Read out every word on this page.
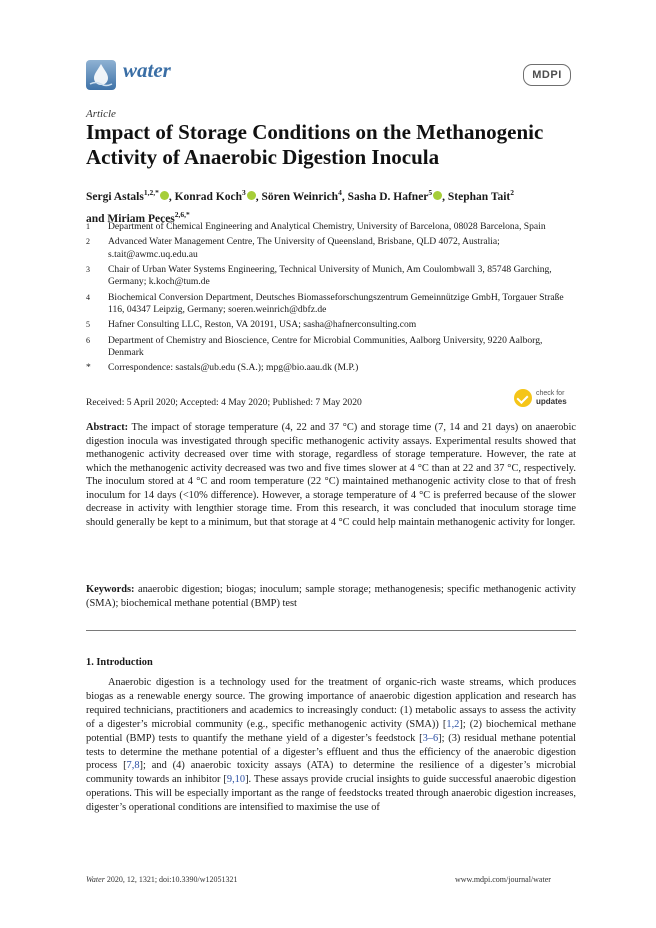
water	MDPI
Article
Impact of Storage Conditions on the Methanogenic Activity of Anaerobic Digestion Inocula
Sergi Astals$^{1,2,*}$ , Konrad Koch$^3$ , Sören Weinrich$^4$, Sasha D. Hafner$^5$ , Stephan Tait$^2$
and Miriam Peces$^{2,6,*}$
1	Department of Chemical Engineering and Analytical Chemistry, University of Barcelona, 08028 Barcelona, Spain
2	Advanced Water Management Centre, The University of Queensland, Brisbane, QLD 4072, Australia; s.tait@awmc.uq.edu.au
3	Chair of Urban Water Systems Engineering, Technical University of Munich, Am Coulombwall 3, 85748 Garching, Germany; k.koch@tum.de
4	Biochemical Conversion Department, Deutsches Biomasseforschungszentrum Gemeinnützige GmbH, Torgauer Straße 116, 04347 Leipzig, Germany; soeren.weinrich@dbfz.de
5	Hafner Consulting LLC, Reston, VA 20191, USA; sasha@hafnerconsulting.com
6	Department of Chemistry and Bioscience, Centre for Microbial Communities, Aalborg University, 9220 Aalborg, Denmark
*	Correspondence: sastals@ub.edu (S.A.); mpg@bio.aau.dk (M.P.)
Received: 5 April 2020; Accepted: 4 May 2020; Published: 7 May 2020
check for
updates
Abstract: The impact of storage temperature (4, 22 and 37 °C) and storage time (7, 14 and 21 days) on anaerobic digestion inocula was investigated through specific methanogenic activity assays. Experimental results showed that methanogenic activity decreased over time with storage, regardless of storage temperature. However, the rate at which the methanogenic activity decreased was two and five times slower at 4 °C than at 22 and 37 °C, respectively. The inoculum stored at 4 °C and room temperature (22 °C) maintained methanogenic activity close to that of fresh inoculum for 14 days (<10% difference). However, a storage temperature of 4 °C is preferred because of the slower decrease in activity with lengthier storage time. From this research, it was concluded that inoculum storage time should generally be kept to a minimum, but that storage at 4 °C could help maintain methanogenic activity for longer.
Keywords: anaerobic digestion; biogas; inoculum; sample storage; methanogenesis; specific methanogenic activity (SMA); biochemical methane potential (BMP) test
1. Introduction
Anaerobic digestion is a technology used for the treatment of organic-rich waste streams, which produces biogas as a renewable energy source. The growing importance of anaerobic digestion application and research has required technicians, practitioners and academics to increasingly conduct: (1) metabolic assays to assess the activity of a digester’s microbial community (e.g., specific methanogenic activity (SMA)) [1,2]; (2) biochemical methane potential (BMP) tests to quantify the methane yield of a digester’s feedstock [3–6]; (3) residual methane potential tests to determine the methane potential of a digester’s effluent and thus the efficiency of the anaerobic digestion process [7,8]; and (4) anaerobic toxicity assays (ATA) to determine the resilience of a digester’s microbial community towards an inhibitor [9,10]. These assays provide crucial insights to guide successful anaerobic digestion operations. This will be especially important as the range of feedstocks treated through anaerobic digestion increases, digester’s operational conditions are intensified to maximise the use of
Water 2020, 12, 1321; doi:10.3390/w12051321	www.mdpi.com/journal/water
